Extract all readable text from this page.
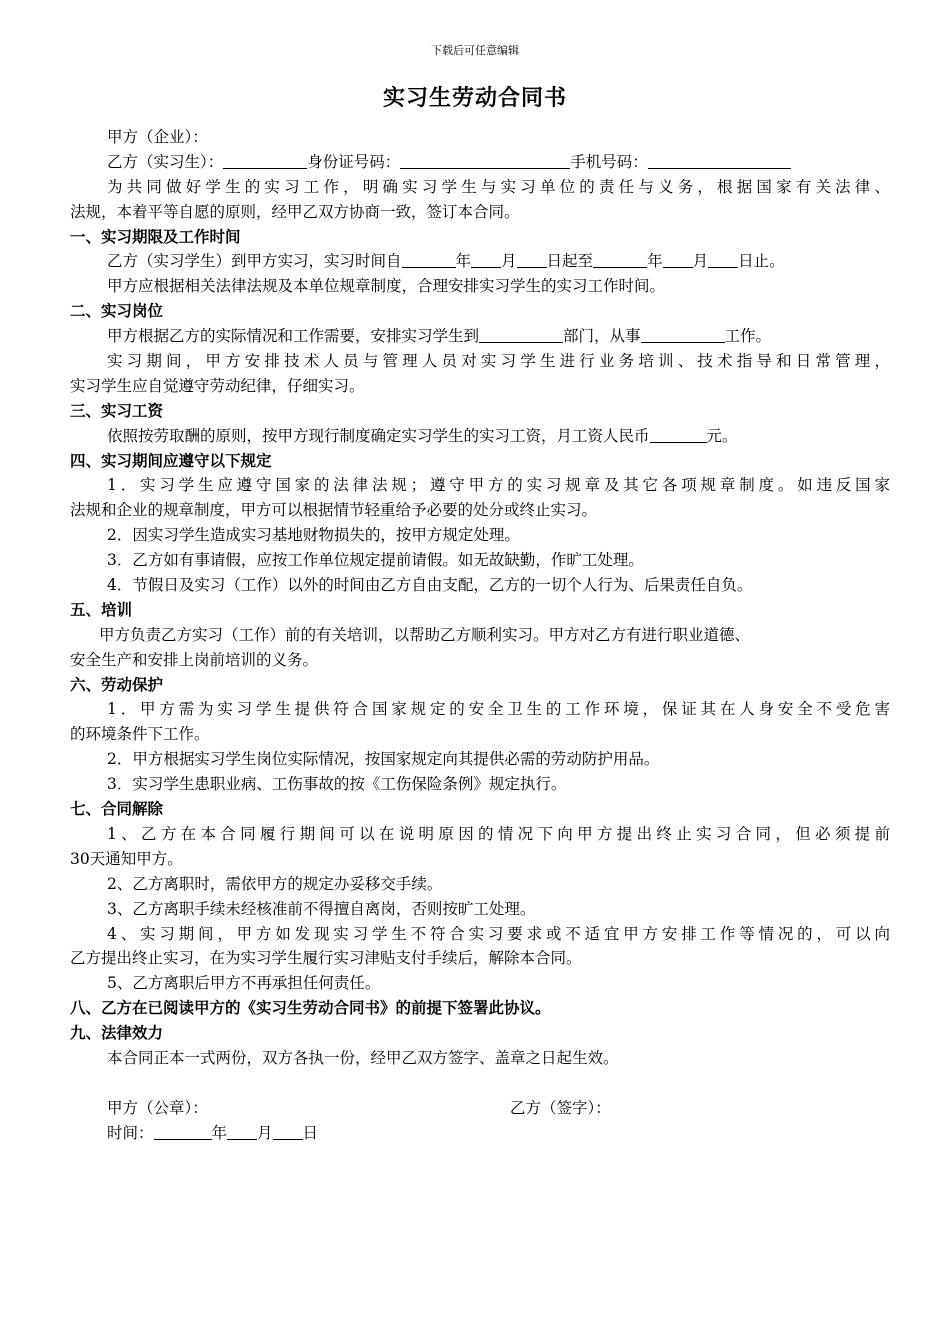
下载后可任意编辑
实习生劳动合同书
甲方（企业）：
乙方（实习生）：	身份证号码：	手机号码：
为共同做好学生的实习工作，明确实习学生与实习单位的责任与义务，根据国家有关法律、
法规，本着平等自愿的原则，经甲乙双方协商一致，签订本合同。
一、实习期限及工作时间
乙方（实习学生）到甲方实习，实习时间自	年 月 日起至	年 月 日止。
甲方应根据相关法律法规及本单位规章制度，合理安排实习学生的实习工作时间。
二、实习岗位
甲方根据乙方的实际情况和工作需要，安排实习学生到	部门，从事	工作。
实习期间，甲方安排技术人员与管理人员对实习学生进行业务培训、技术指导和日常管理，
实习学生应自觉遵守劳动纪律，仔细实习。
三、实习工资
依照按劳取酬的原则，按甲方现行制度确定实习学生的实习工资，月工资人民币	元。
四、实习期间应遵守以下规定
1．实习学生应遵守国家的法律法规；遵守甲方的实习规章及其它各项规章制度。如违反国家
法规和企业的规章制度，甲方可以根据情节轻重给予必要的处分或终止实习。
2．因实习学生造成实习基地财物损失的，按甲方规定处理。
3．乙方如有事请假，应按工作单位规定提前请假。如无故缺勤，作旷工处理。
4．节假日及实习（工作）以外的时间由乙方自由支配，乙方的一切个人行为、后果责任自负。
五、培训
甲方负责乙方实习（工作）前的有关培训，以帮助乙方顺利实习。甲方对乙方有进行职业道德、
安全生产和安排上岗前培训的义务。
六、劳动保护
1．甲方需为实习学生提供符合国家规定的安全卫生的工作环境，保证其在人身安全不受危害
的环境条件下工作。
2．甲方根据实习学生岗位实际情况，按国家规定向其提供必需的劳动防护用品。
3．实习学生患职业病、工伤事故的按《工伤保险条例》规定执行。
七、合同解除
1、乙方在本合同履行期间可以在说明原因的情况下向甲方提出终止实习合同，但必须提前
30天通知甲方。
2、乙方离职时，需依甲方的规定办妥移交手续。
3、乙方离职手续未经核准前不得擅自离岗，否则按旷工处理。
4、实习期间，甲方如发现实习学生不符合实习要求或不适宜甲方安排工作等情况的，可以向
乙方提出终止实习，在为实习学生履行实习津贴支付手续后，解除本合同。
5、乙方离职后甲方不再承担任何责任。
八、乙方在已阅读甲方的《实习生劳动合同书》的前提下签署此协议。
九、法律效力
本合同正本一式两份，双方各执一份，经甲乙双方签字、盖章之日起生效。
甲方（公章）：	乙方（签字）：
时间：	年 月 日
